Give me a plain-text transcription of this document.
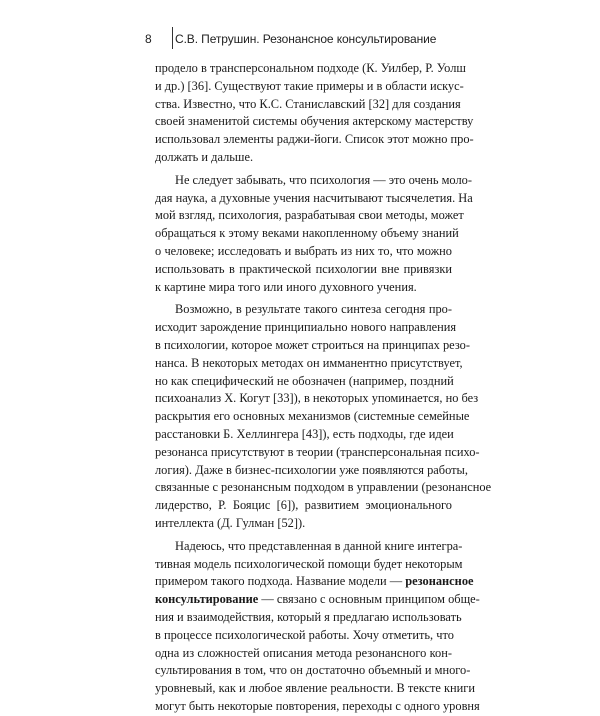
8 С.В. Петрушин. Резонансное консультирование
продело в трансперсональном подходе (К. Уилбер, Р. Уолш
и др.) [36]. Существуют такие примеры и в области искус-
ства. Известно, что К.С. Станиславский [32] для создания
своей знаменитой системы обучения актерскому мастерству
использовал элементы раджи-йоги. Список этот можно про-
должать и дальше.
Не следует забывать, что психология — это очень моло-
дая наука, а духовные учения насчитывают тысячелетия. На
мой взгляд, психология, разрабатывая свои методы, может
обращаться к этому веками накопленному объему знаний
о человеке; исследовать и выбрать из них то, что можно
использовать в практической психологии вне привязки
к картине мира того или иного духовного учения.
Возможно, в результате такого синтеза сегодня про-
исходит зарождение принципиально нового направления
в психологии, которое может строиться на принципах резо-
нанса. В некоторых методах он имманентно присутствует,
но как специфический не обозначен (например, поздний
психоанализ Х. Когут [33]), в некоторых упоминается, но без
раскрытия его основных механизмов (системные семейные
расстановки Б. Хеллингера [43]), есть подходы, где идеи
резонанса присутствуют в теории (трансперсональная психо-
логия). Даже в бизнес-психологии уже появляются работы,
связанные с резонансным подходом в управлении (резонансное
лидерство, Р. Бояцис [6]), развитием эмоционального
интеллекта (Д. Гулман [52]).
Надеюсь, что представленная в данной книге интегра-
тивная модель психологической помощи будет некоторым
примером такого подхода. Название модели — резонансное
консультирование — связано с основным принципом обще-
ния и взаимодействия, который я предлагаю использовать
в процессе психологической работы. Хочу отметить, что
одна из сложностей описания метода резонансного кон-
сультирования в том, что он достаточно объемный и много-
уровневый, как и любое явление реальности. В тексте книги
могут быть некоторые повторения, переходы с одного уровня
